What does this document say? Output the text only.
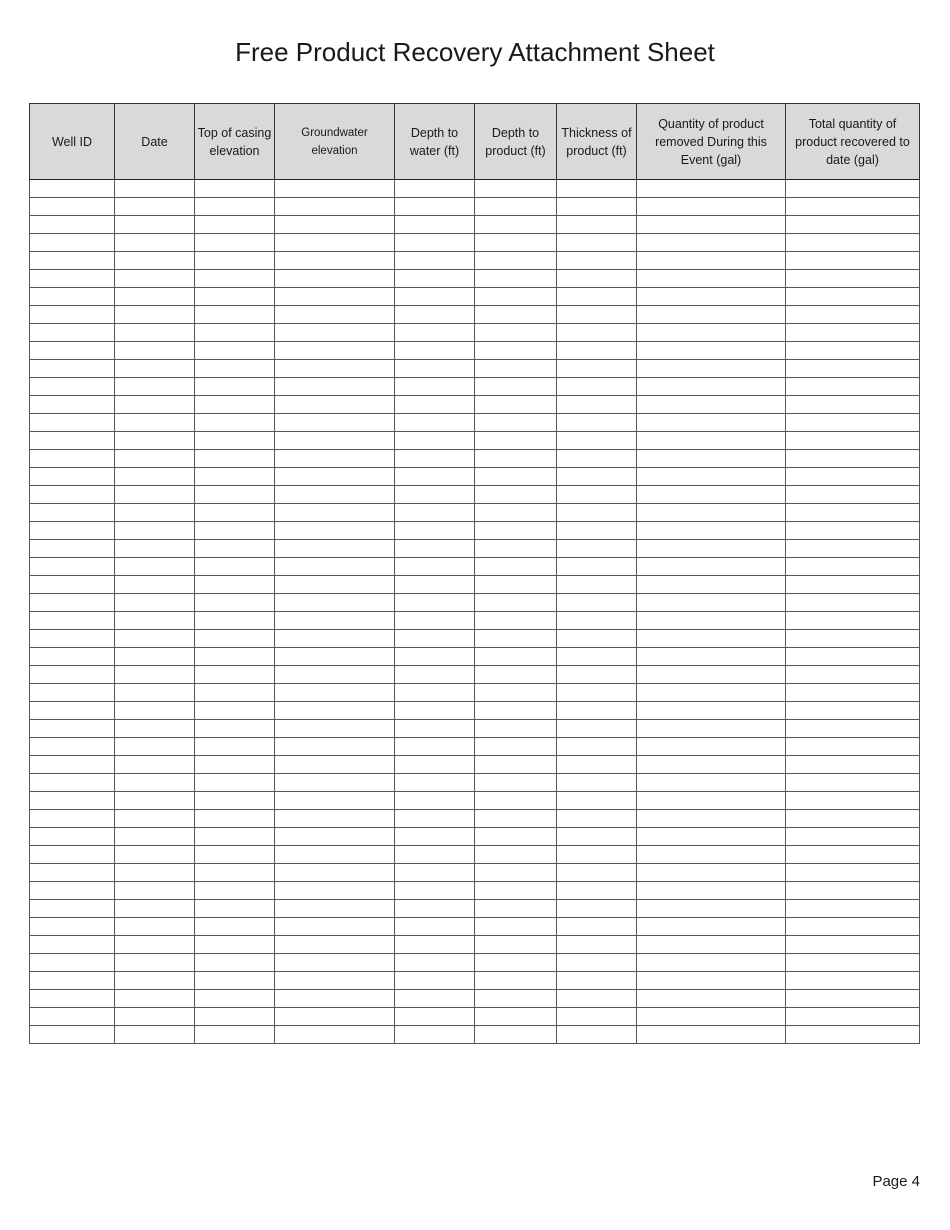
Free Product Recovery Attachment Sheet
Well ID	Date	Top of casing elevation	Groundwater elevation	Depth to water (ft)	Depth to product (ft)	Thickness of product (ft)	Quantity of product removed During this Event (gal)	Total quantity of product recovered to date (gal)

Page 4
